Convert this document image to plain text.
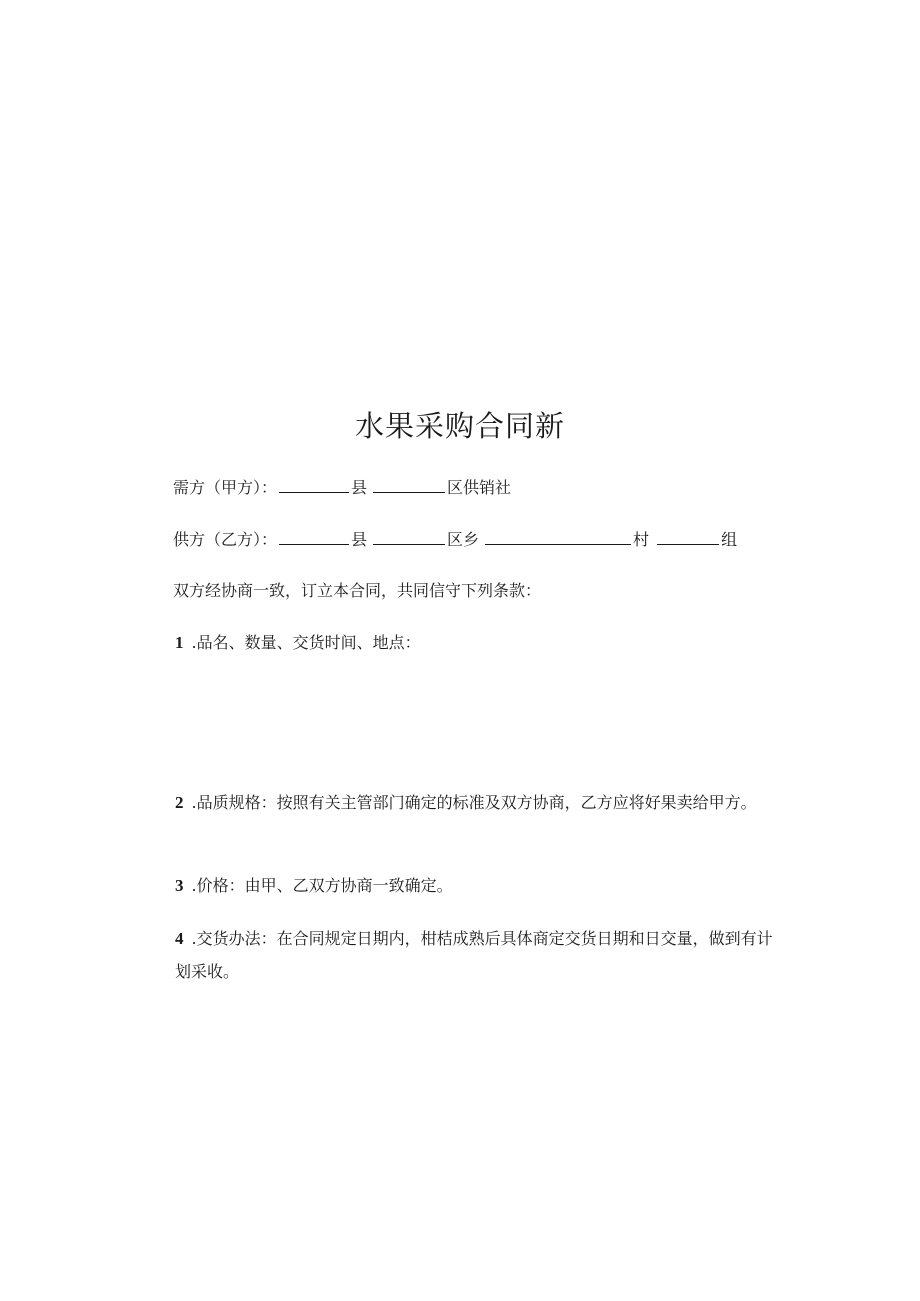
水果采购合同新
需方（甲方）：	县	区供销社
供方（乙方）：	县	区乡	村	组
双方经协商一致，订立本合同，共同信守下列条款：
1 .品名、数量、交货时间、地点：
2 .品质规格：按照有关主管部门确定的标准及双方协商，乙方应将好果卖给甲方。
3 .价格：由甲、乙双方协商一致确定。
4 .交货办法：在合同规定日期内，柑桔成熟后具体商定交货日期和日交量，做到有计划采收。
